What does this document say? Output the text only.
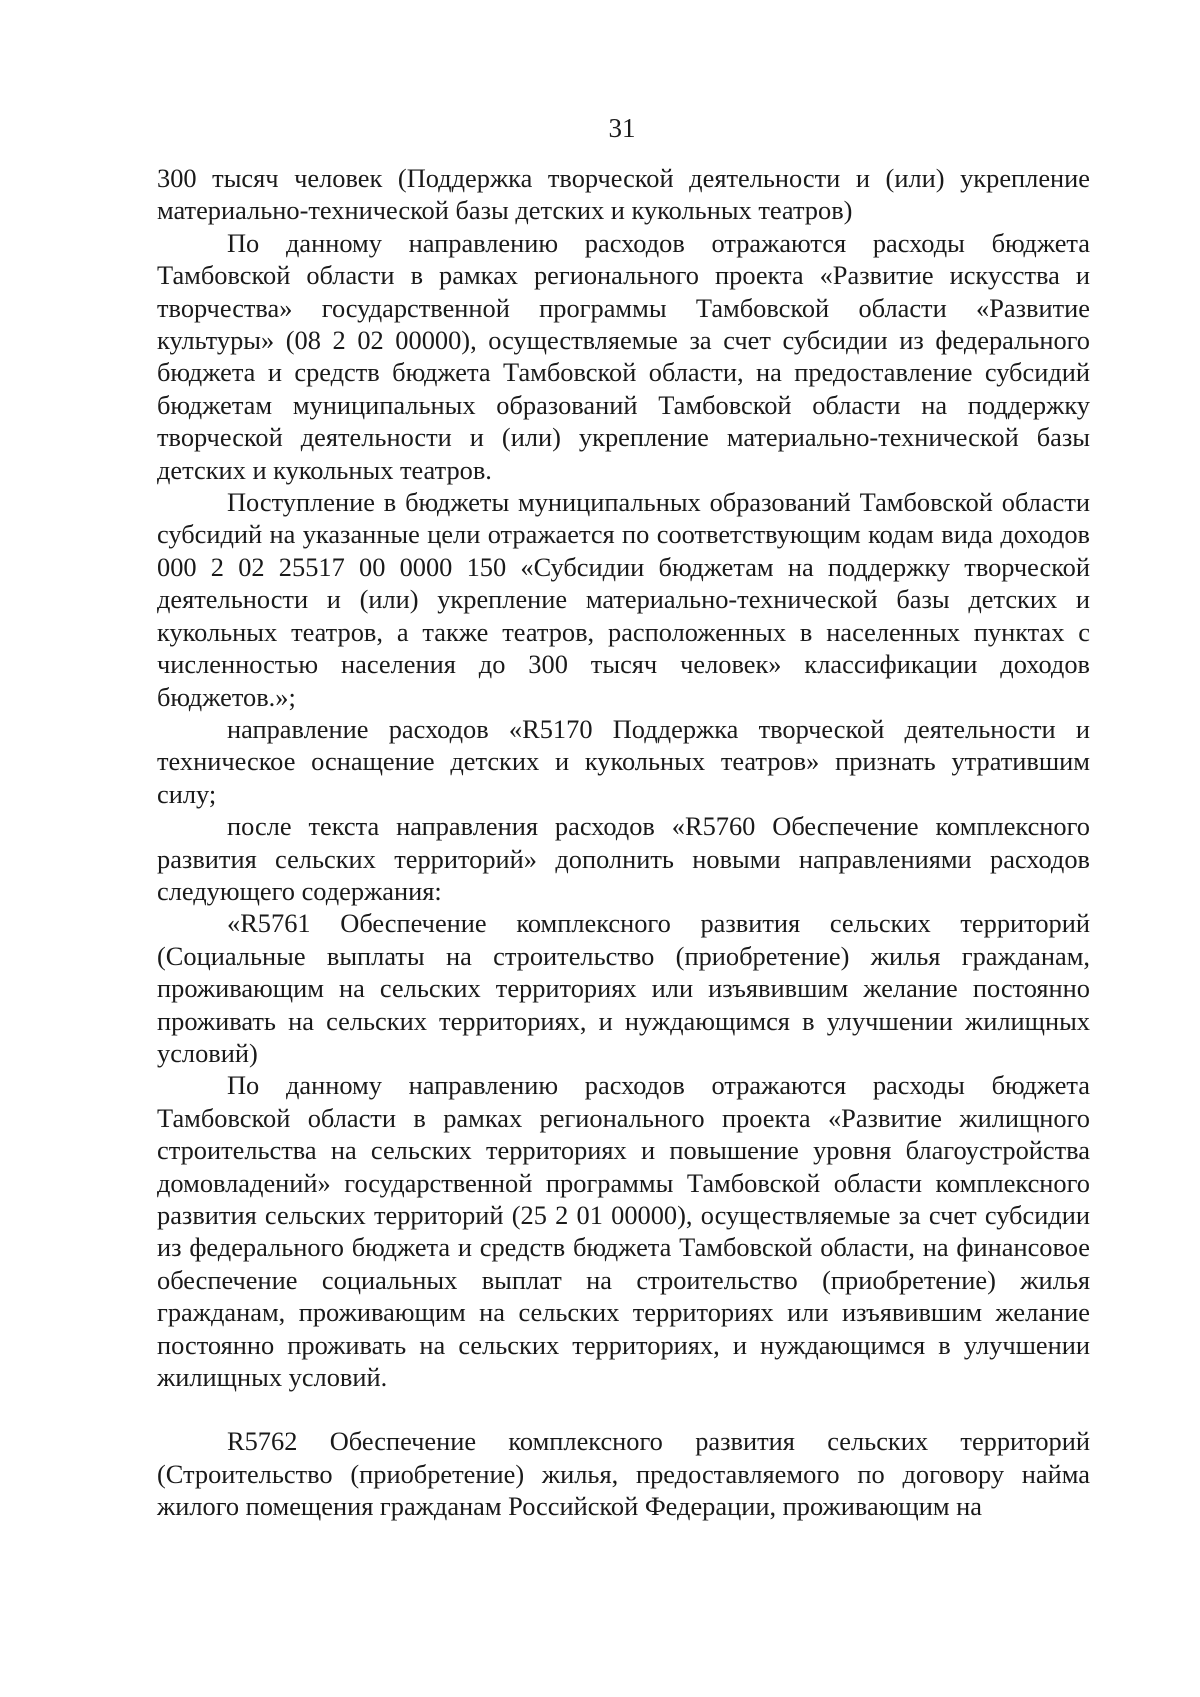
31

300 тысяч человек (Поддержка творческой деятельности и (или) укрепление материально-технической базы детских и кукольных театров)

По данному направлению расходов отражаются расходы бюджета Тамбовской области в рамках регионального проекта «Развитие искусства и творчества» государственной программы Тамбовской области «Развитие культуры» (08 2 02 00000), осуществляемые за счет субсидии из федерального бюджета и средств бюджета Тамбовской области, на предоставление субсидий бюджетам муниципальных образований Тамбовской области на поддержку творческой деятельности и (или) укрепление материально-технической базы детских и кукольных театров.

Поступление в бюджеты муниципальных образований Тамбовской области субсидий на указанные цели отражается по соответствующим кодам вида доходов 000 2 02 25517 00 0000 150 «Субсидии бюджетам на поддержку творческой деятельности и (или) укрепление материально-технической базы детских и кукольных театров, а также театров, расположенных в населенных пунктах с численностью населения до 300 тысяч человек» классификации доходов бюджетов.»;

направление расходов «R5170 Поддержка творческой деятельности и техническое оснащение детских и кукольных театров» признать утратившим силу;

после текста направления расходов «R5760 Обеспечение комплексного развития сельских территорий» дополнить новыми направлениями расходов следующего содержания:

«R5761 Обеспечение комплексного развития сельских территорий (Социальные выплаты на строительство (приобретение) жилья гражданам, проживающим на сельских территориях или изъявившим желание постоянно проживать на сельских территориях, и нуждающимся в улучшении жилищных условий)

По данному направлению расходов отражаются расходы бюджета Тамбовской области в рамках регионального проекта «Развитие жилищного строительства на сельских территориях и повышение уровня благоустройства домовладений» государственной программы Тамбовской области комплексного развития сельских территорий (25 2 01 00000), осуществляемые за счет субсидии из федерального бюджета и средств бюджета Тамбовской области, на финансовое обеспечение социальных выплат на строительство (приобретение) жилья гражданам, проживающим на сельских территориях или изъявившим желание постоянно проживать на сельских территориях, и нуждающимся в улучшении жилищных условий.

R5762 Обеспечение комплексного развития сельских территорий (Строительство (приобретение) жилья, предоставляемого по договору найма жилого помещения гражданам Российской Федерации, проживающим на
